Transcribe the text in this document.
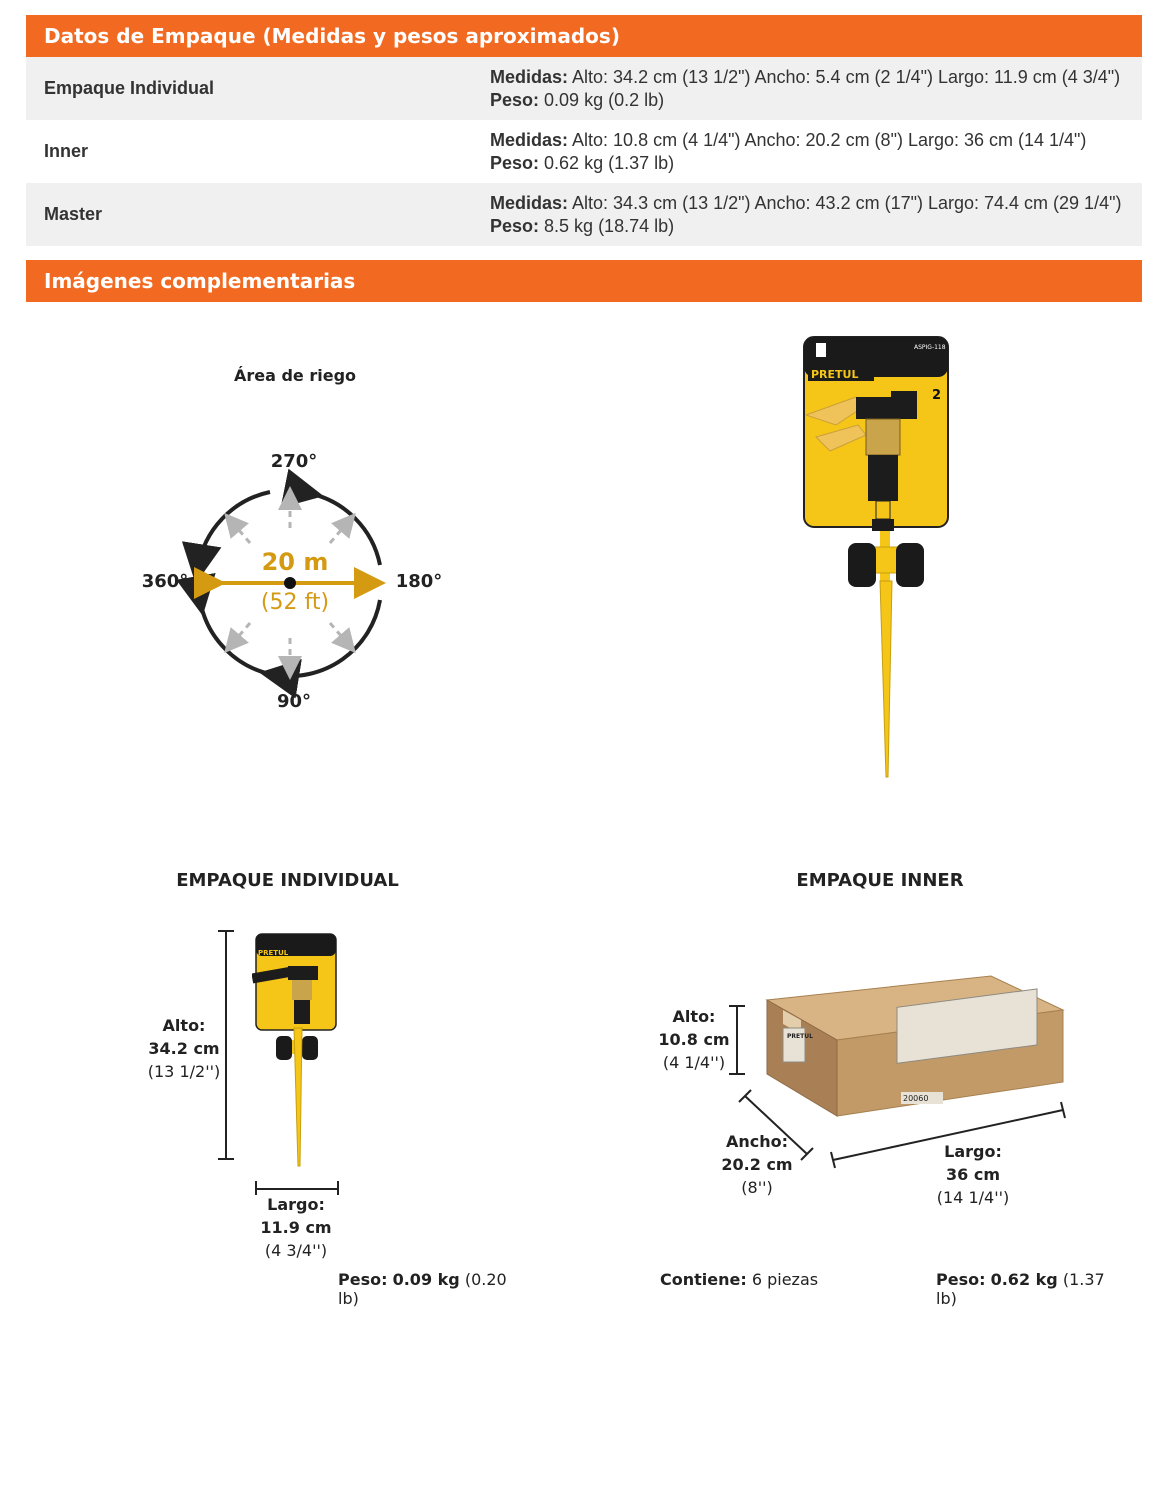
Datos de Empaque (Medidas y pesos aproximados)
Empaque Individual	Medidas: Alto: 34.2 cm (13 1/2") Ancho: 5.4 cm (2 1/4") Largo: 11.9 cm (4 3/4") Peso: 0.09 kg (0.2 lb)
Inner	Medidas: Alto: 10.8 cm (4 1/4") Ancho: 20.2 cm (8") Largo: 36 cm (14 1/4") Peso: 0.62 kg (1.37 lb)
Master	Medidas: Alto: 34.3 cm (13 1/2") Ancho: 43.2 cm (17") Largo: 74.4 cm (29 1/4") Peso: 8.5 kg (18.74 lb)
Imágenes complementarias
Área de riego
270°
360°	180°
90°
20 m
(52 ft)
PRETUL
ASPIG-118
2
EMPAQUE INDIVIDUAL
PRETUL
Alto:
34.2 cm
(13 1/2'')
Largo:
11.9 cm
(4 3/4'')
Peso: 0.09 kg (0.20 lb)
EMPAQUE INNER
PRETUL
20060
Alto:
10.8 cm
(4 1/4'')
Ancho:
20.2 cm
(8'')
Largo:
36 cm
(14 1/4'')
Contiene: 6 piezas	Peso: 0.62 kg (1.37 lb)
